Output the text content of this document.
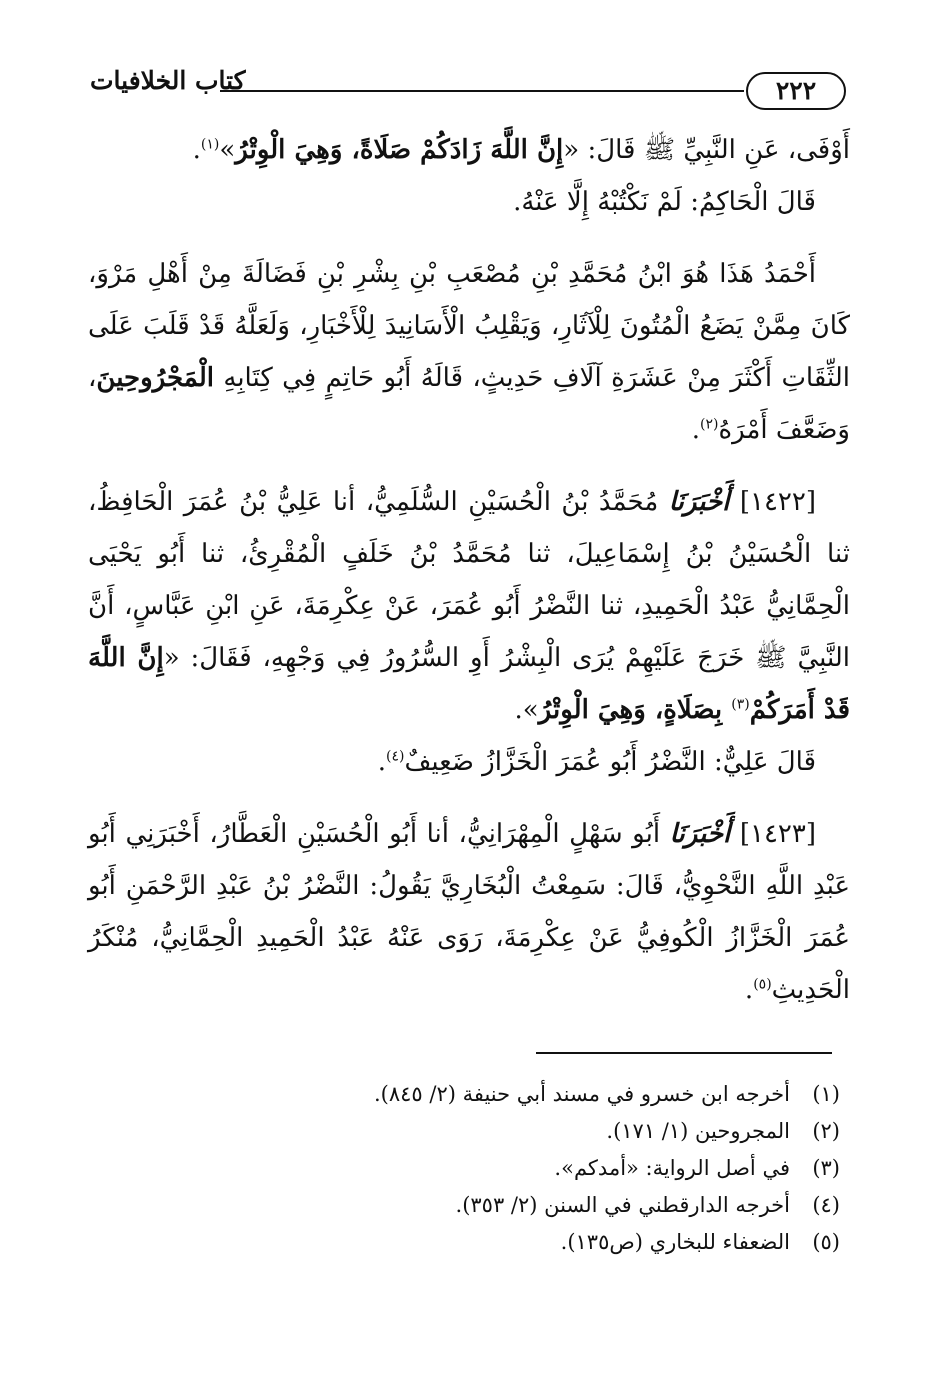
كتاب الخلافيات	٢٢٢

أَوْفَى، عَنِ النَّبِيِّ ﷺ قَالَ: «إِنَّ اللَّهَ زَادَكُمْ صَلَاةً، وَهِيَ الْوِتْرُ»$^{(١)}$.

قَالَ الْحَاكِمُ: لَمْ نَكْتُبْهُ إِلَّا عَنْهُ.

أَحْمَدُ هَذَا هُوَ ابْنُ مُحَمَّدِ بْنِ مُصْعَبِ بْنِ بِشْرِ بْنِ فَضَالَةَ مِنْ أَهْلِ مَرْوَ، كَانَ مِمَّنْ يَضَعُ الْمُتُونَ لِلْآثَارِ، وَيَقْلِبُ الْأَسَانِيدَ لِلْأَخْبَارِ، وَلَعَلَّهُ قَدْ قَلَبَ عَلَى الثِّقَاتِ أَكْثَرَ مِنْ عَشَرَةِ آلَافِ حَدِيثٍ، قَالَهُ أَبُو حَاتِمٍ فِي كِتَابِهِ الْمَجْرُوحِينَ، وَضَعَّفَ أَمْرَهُ$^{(٢)}$.

[١٤٢٢] أَخْبَرَنَا مُحَمَّدُ بْنُ الْحُسَيْنِ السُّلَمِيُّ، أنا عَلِيُّ بْنُ عُمَرَ الْحَافِظُ، ثنا الْحُسَيْنُ بْنُ إِسْمَاعِيلَ، ثنا مُحَمَّدُ بْنُ خَلَفٍ الْمُقْرِئُ، ثنا أَبُو يَحْيَى الْحِمَّانِيُّ عَبْدُ الْحَمِيدِ، ثنا النَّضْرُ أَبُو عُمَرَ، عَنْ عِكْرِمَةَ، عَنِ ابْنِ عَبَّاسٍ، أَنَّ النَّبِيَّ ﷺ خَرَجَ عَلَيْهِمْ يُرَى الْبِشْرُ أَوِ السُّرُورُ فِي وَجْهِهِ، فَقَالَ: «إِنَّ اللَّهَ قَدْ أَمَرَكُمْ$^{(٣)}$ بِصَلَاةٍ، وَهِيَ الْوِتْرُ».

قَالَ عَلِيٌّ: النَّضْرُ أَبُو عُمَرَ الْخَزَّازُ ضَعِيفٌ$^{(٤)}$.

[١٤٢٣] أَخْبَرَنَا أَبُو سَهْلٍ الْمِهْرَانِيُّ، أنا أَبُو الْحُسَيْنِ الْعَطَّارُ، أَخْبَرَنِي أَبُو عَبْدِ اللَّهِ النَّحْوِيُّ، قَالَ: سَمِعْتُ الْبُخَارِيَّ يَقُولُ: النَّضْرُ بْنُ عَبْدِ الرَّحْمَنِ أَبُو عُمَرَ الْخَزَّازُ الْكُوفِيُّ عَنْ عِكْرِمَةَ، رَوَى عَنْهُ عَبْدُ الْحَمِيدِ الْحِمَّانِيُّ، مُنْكَرُ الْحَدِيثِ$^{(٥)}$.

(١)أخرجه ابن خسرو في مسند أبي حنيفة (٢/ ٨٤٥).
(٢)المجروحين (١/ ١٧١).
(٣)في أصل الرواية: «أمدكم».
(٤)أخرجه الدارقطني في السنن (٢/ ٣٥٣).
(٥)الضعفاء للبخاري (ص١٣٥).
